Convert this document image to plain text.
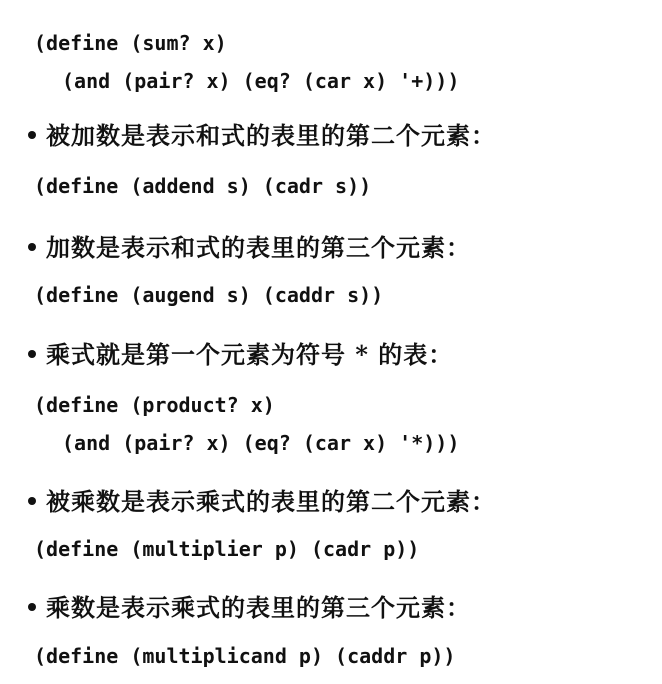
(define (sum? x)
(and (pair? x) (eq? (car x) '+)))
被加数是表示和式的表里的第二个元素：
(define (addend s) (cadr s))
加数是表示和式的表里的第三个元素：
(define (augend s) (caddr s))
乘式就是第一个元素为符号 * 的表：
(define (product? x)
(and (pair? x) (eq? (car x) '*)))
被乘数是表示乘式的表里的第二个元素：
(define (multiplier p) (cadr p))
乘数是表示乘式的表里的第三个元素：
(define (multiplicand p) (caddr p))
